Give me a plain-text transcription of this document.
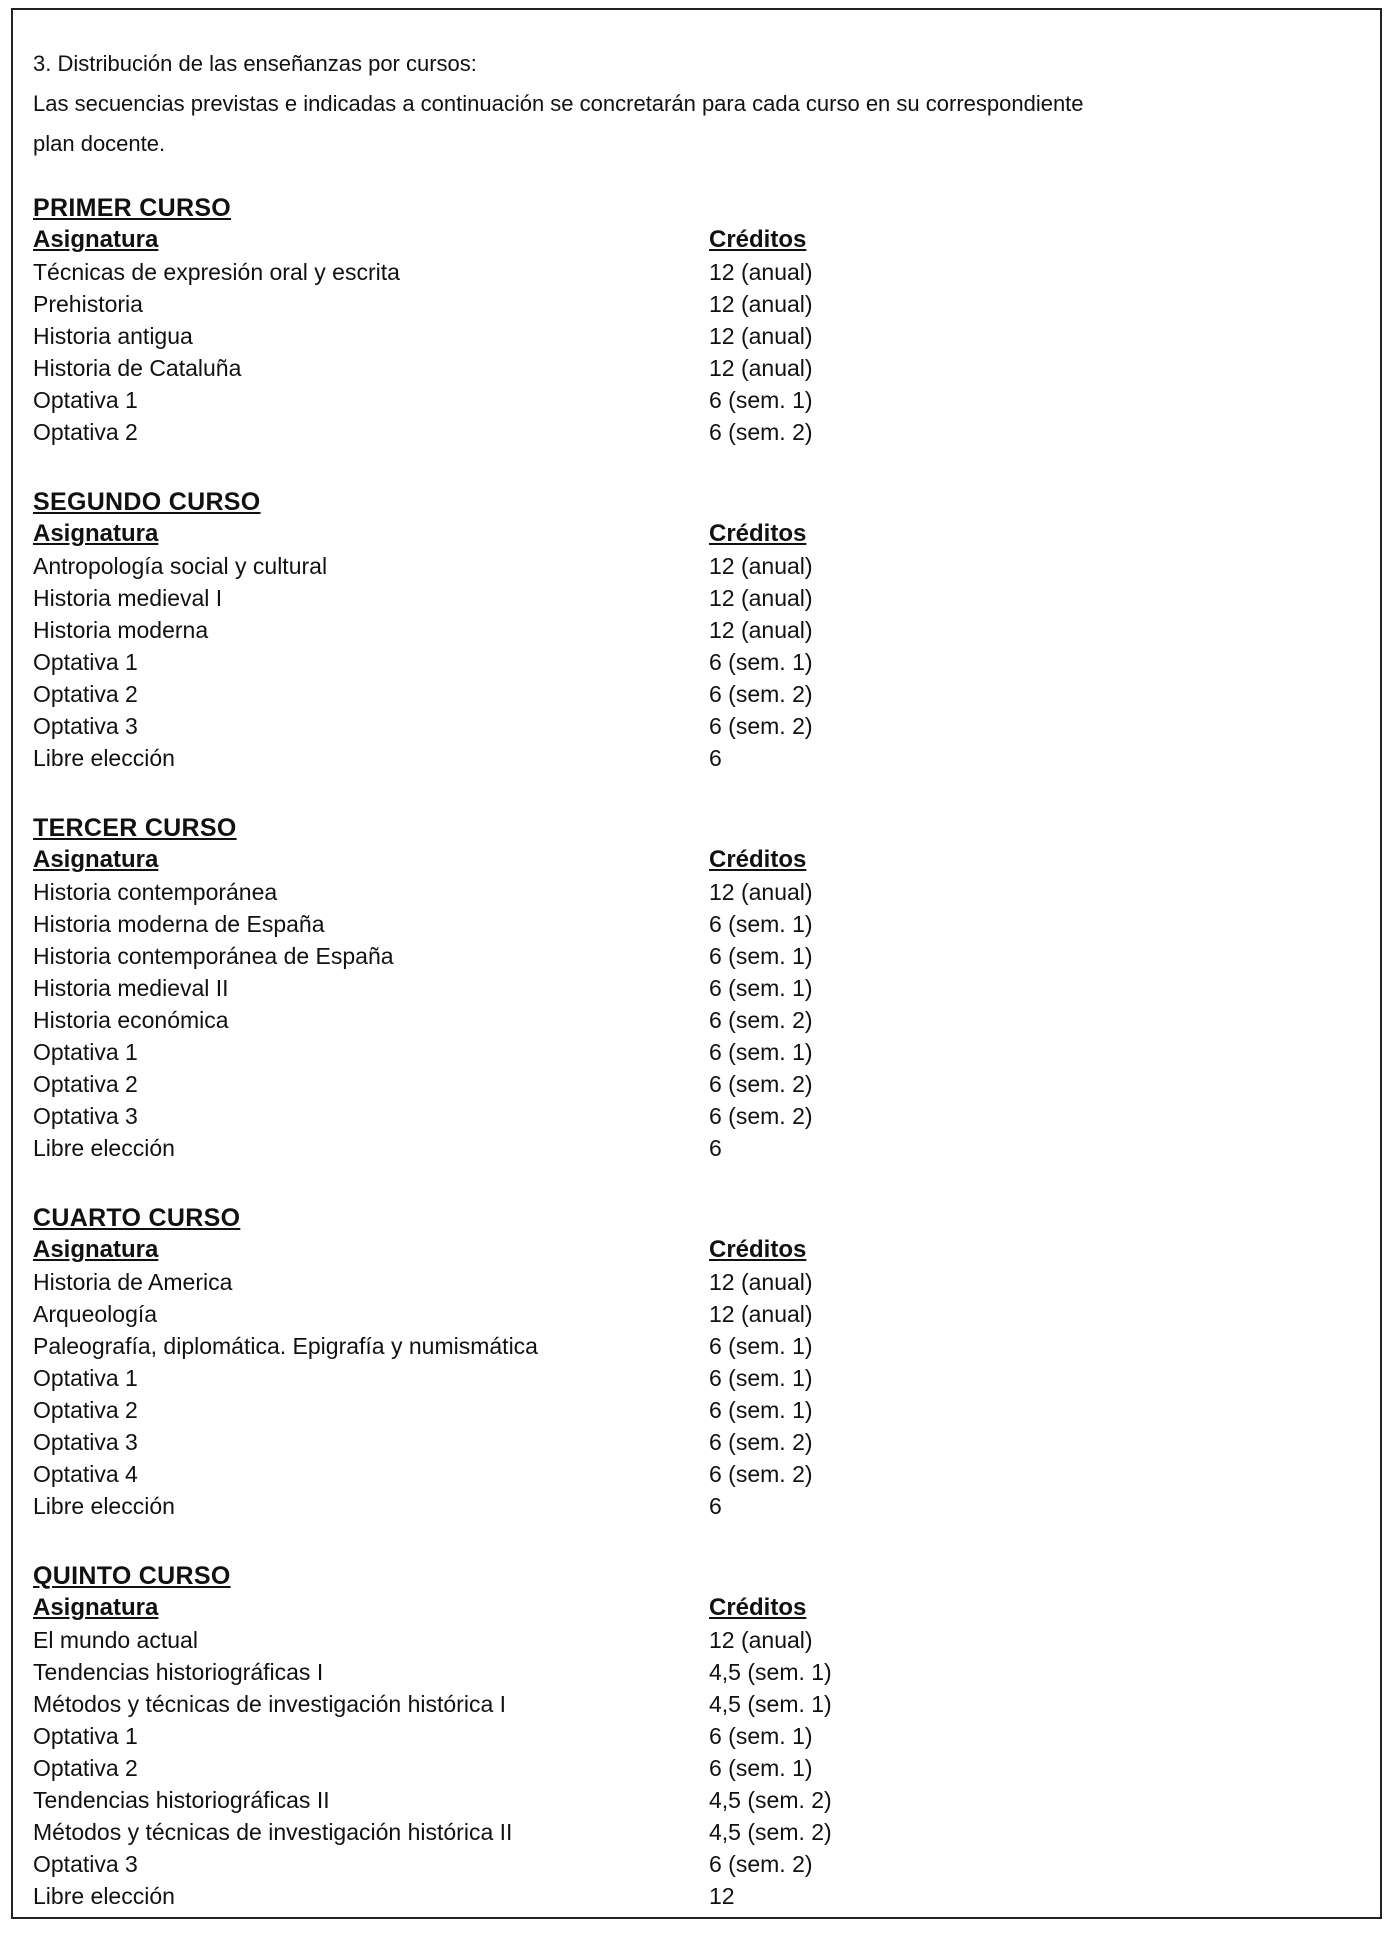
3. Distribución de las enseñanzas por cursos:

Las secuencias previstas e indicadas a continuación se concretarán para cada curso en su correspondiente

plan docente.

PRIMER CURSO
Asignatura	Créditos
Técnicas de expresión oral y escrita	12 (anual)
Prehistoria	12 (anual)
Historia antigua	12 (anual)
Historia de Cataluña	12 (anual)
Optativa 1	6 (sem. 1)
Optativa 2	6 (sem. 2)
SEGUNDO CURSO
Asignatura	Créditos
Antropología social y cultural	12 (anual)
Historia medieval I	12 (anual)
Historia moderna	12 (anual)
Optativa 1	6 (sem. 1)
Optativa 2	6 (sem. 2)
Optativa 3	6 (sem. 2)
Libre elección	6
TERCER CURSO
Asignatura	Créditos
Historia contemporánea	12 (anual)
Historia moderna de España	6 (sem. 1)
Historia contemporánea de España	6 (sem. 1)
Historia medieval II	6 (sem. 1)
Historia económica	6 (sem. 2)
Optativa 1	6 (sem. 1)
Optativa 2	6 (sem. 2)
Optativa 3	6 (sem. 2)
Libre elección	6
CUARTO CURSO
Asignatura	Créditos
Historia de America	12 (anual)
Arqueología	12 (anual)
Paleografía, diplomática. Epigrafía y numismática	6 (sem. 1)
Optativa 1	6 (sem. 1)
Optativa 2	6 (sem. 1)
Optativa 3	6 (sem. 2)
Optativa 4	6 (sem. 2)
Libre elección	6
QUINTO CURSO
Asignatura	Créditos
El mundo actual	12 (anual)
Tendencias historiográficas I	4,5 (sem. 1)
Métodos y técnicas de investigación histórica I	4,5 (sem. 1)
Optativa 1	6 (sem. 1)
Optativa 2	6 (sem. 1)
Tendencias historiográficas II	4,5 (sem. 2)
Métodos y técnicas de investigación histórica II	4,5 (sem. 2)
Optativa 3	6 (sem. 2)
Libre elección	12
